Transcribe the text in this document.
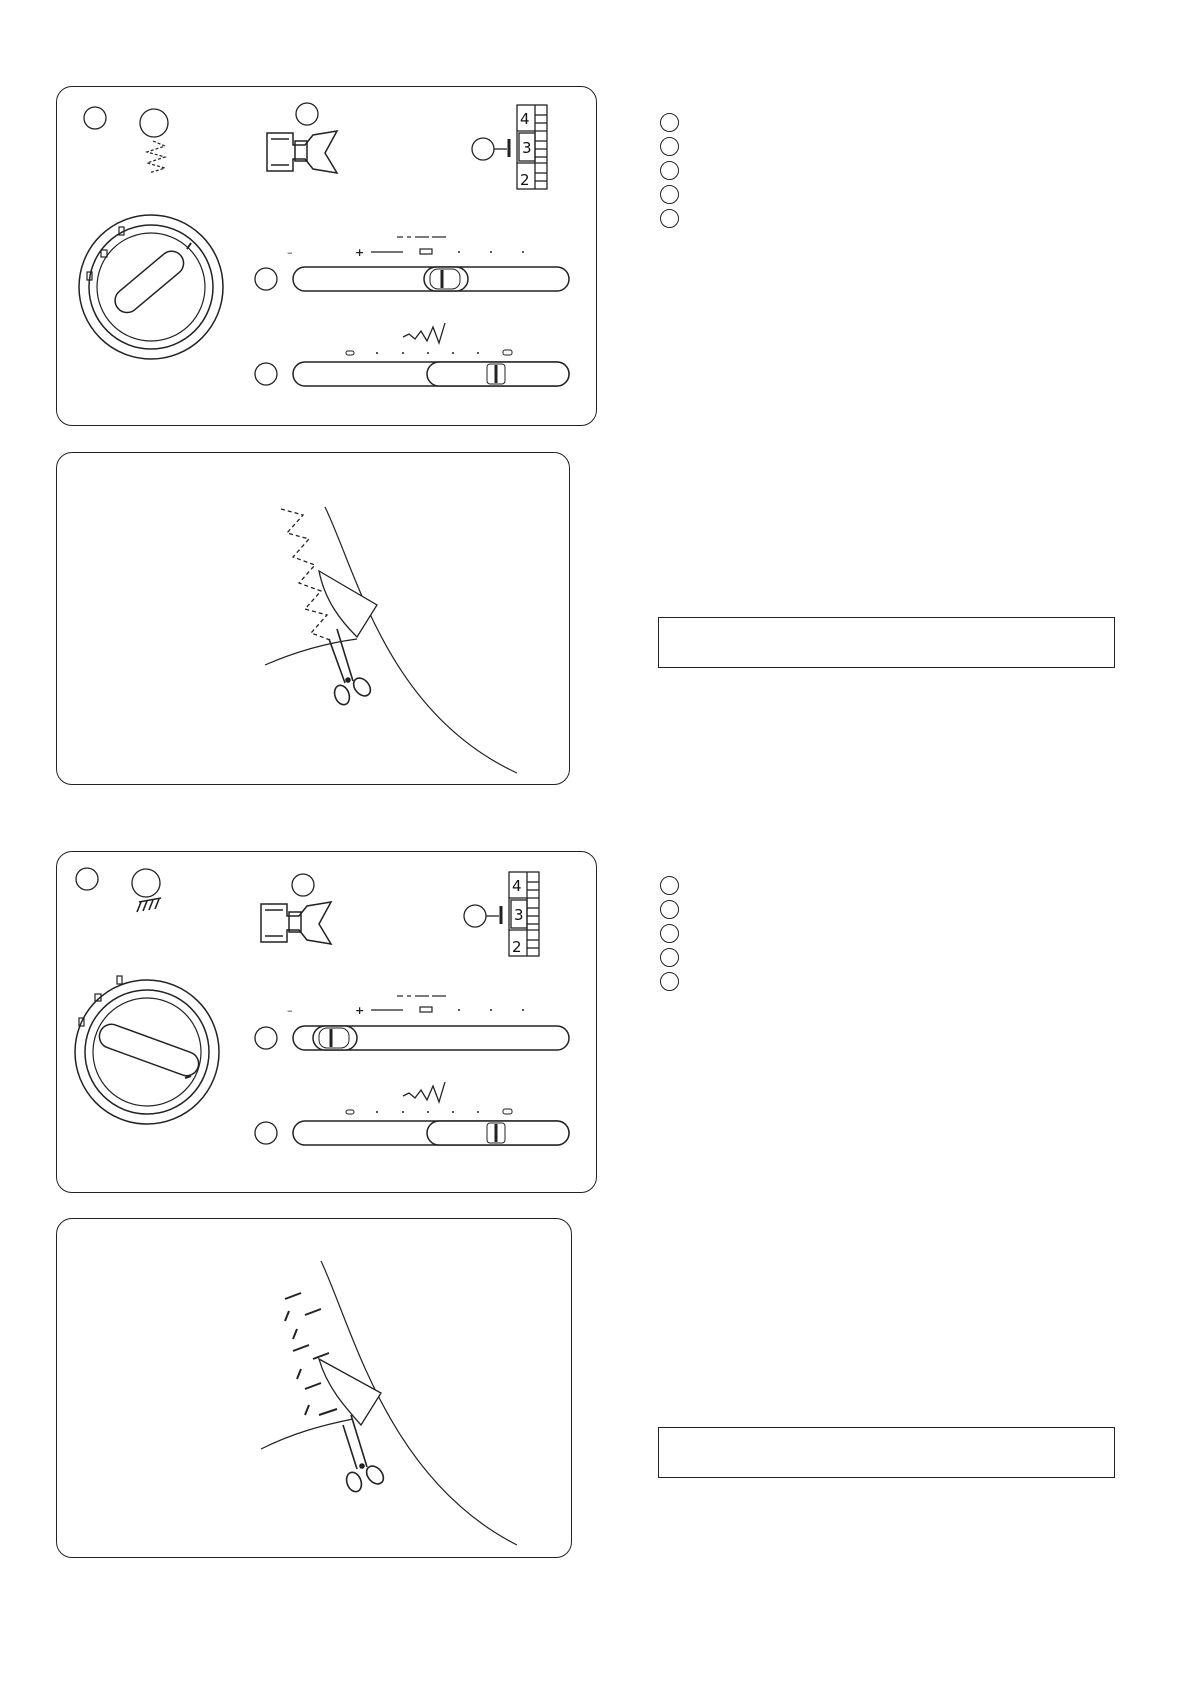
4
3
2
–	+
4
3
2
–	+
